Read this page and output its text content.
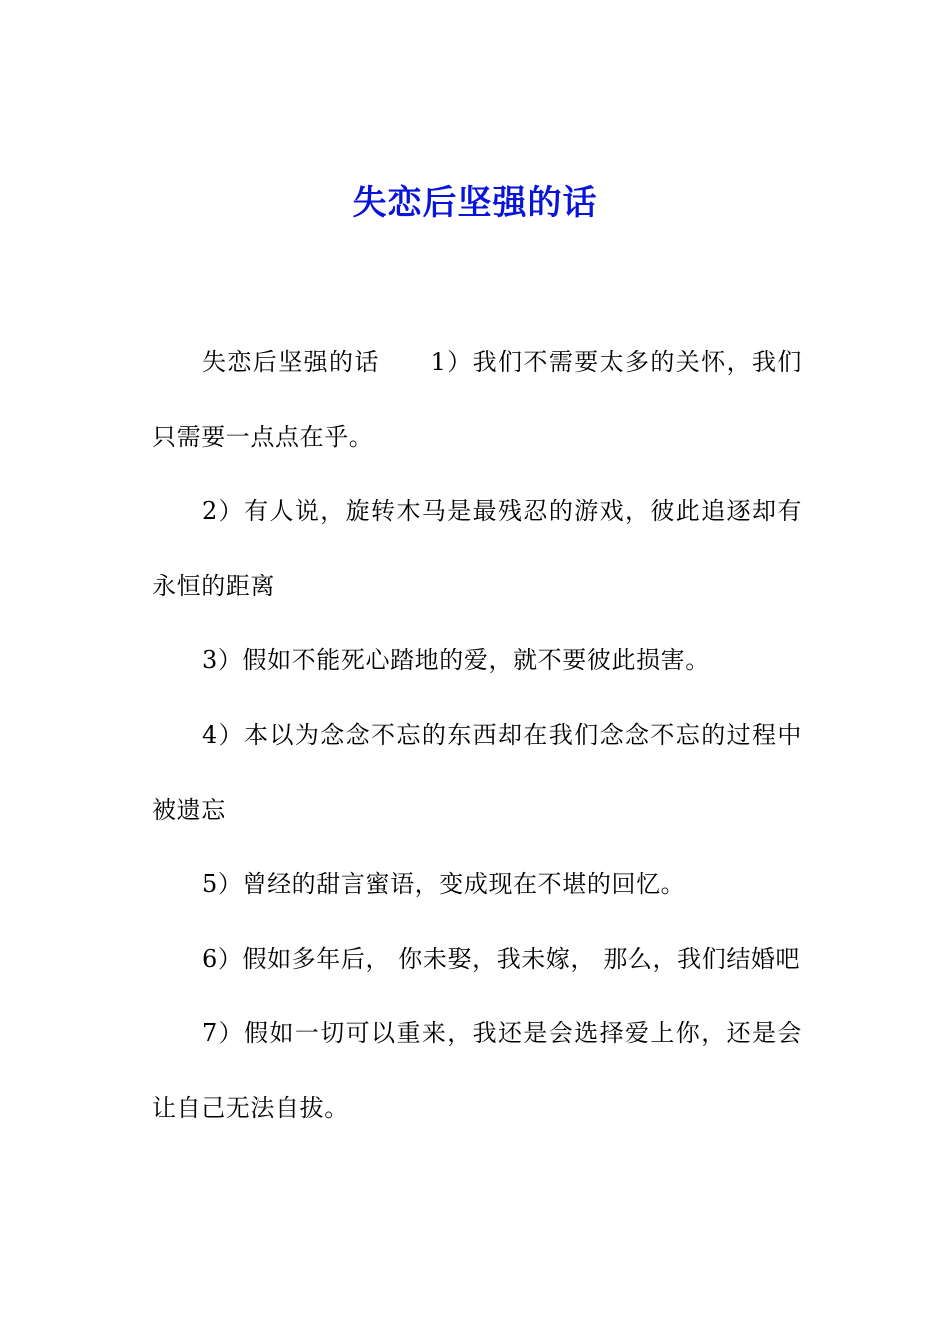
失恋后坚强的话

失恋后坚强的话　　1）我们不需要太多的关怀，我们只需要一点点在乎。

2）有人说，旋转木马是最残忍的游戏，彼此追逐却有永恒的距离

3）假如不能死心踏地的爱，就不要彼此损害。

4）本以为念念不忘的东西却在我们念念不忘的过程中被遗忘

5）曾经的甜言蜜语，变成现在不堪的回忆。

6）假如多年后， 你未娶，我未嫁， 那么，我们结婚吧

7）假如一切可以重来，我还是会选择爱上你，还是会让自己无法自拔。
